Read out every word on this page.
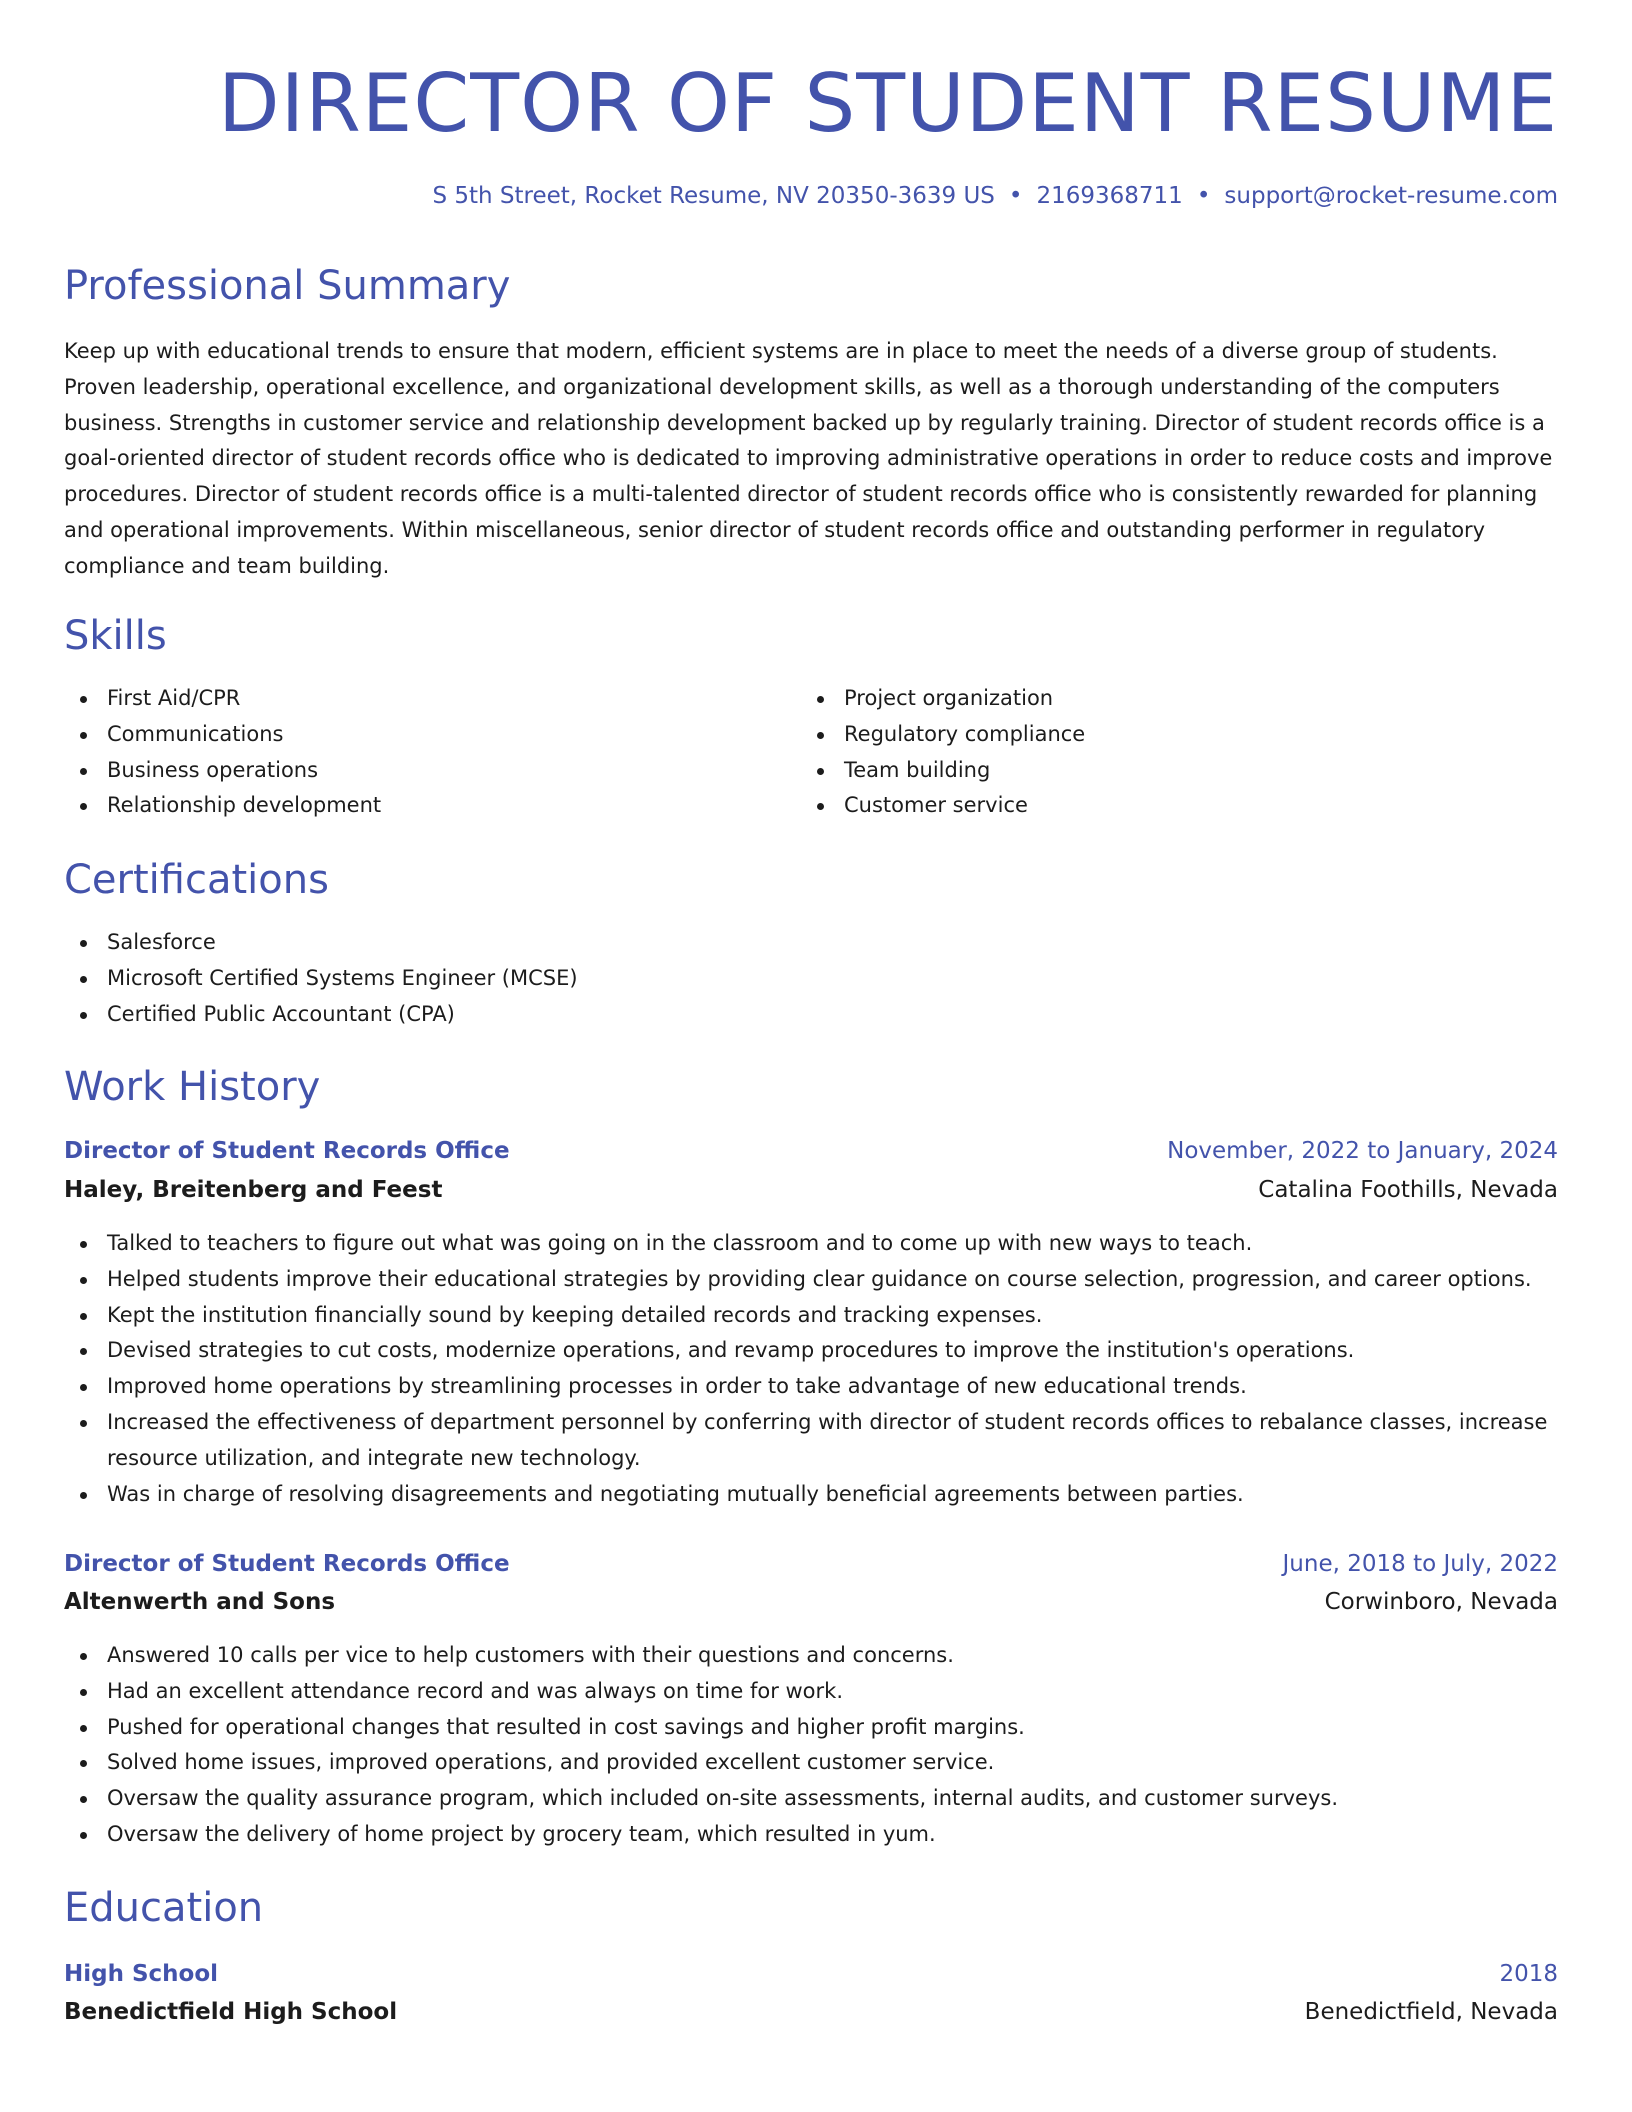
DIRECTOR OF STUDENT RESUME
S 5th Street, Rocket Resume, NV 20350-3639 US • 2169368711 • support@rocket-resume.com
Professional Summary

Keep up with educational trends to ensure that modern, efficient systems are in place to meet the needs of a diverse group of students. Proven leadership, operational excellence, and organizational development skills, as well as a thorough understanding of the computers business. Strengths in customer service and relationship development backed up by regularly training. Director of student records office is a goal-oriented director of student records office who is dedicated to improving administrative operations in order to reduce costs and improve procedures. Director of student records office is a multi-talented director of student records office who is consistently rewarded for planning and operational improvements. Within miscellaneous, senior director of student records office and outstanding performer in regulatory compliance and team building.

Skills
First Aid/CPR
Communications
Business operations
Relationship development
Project organization
Regulatory compliance
Team building
Customer service
Certifications
Salesforce
Microsoft Certified Systems Engineer (MCSE)
Certified Public Accountant (CPA)
Work History
Director of Student Records Office	November, 2022 to January, 2024
Haley, Breitenberg and Feest	Catalina Foothills, Nevada
Talked to teachers to figure out what was going on in the classroom and to come up with new ways to teach.
Helped students improve their educational strategies by providing clear guidance on course selection, progression, and career options.
Kept the institution financially sound by keeping detailed records and tracking expenses.
Devised strategies to cut costs, modernize operations, and revamp procedures to improve the institution's operations.
Improved home operations by streamlining processes in order to take advantage of new educational trends.
Increased the effectiveness of department personnel by conferring with director of student records offices to rebalance classes, increase resource utilization, and integrate new technology.
Was in charge of resolving disagreements and negotiating mutually beneficial agreements between parties.
Director of Student Records Office	June, 2018 to July, 2022
Altenwerth and Sons	Corwinboro, Nevada
Answered 10 calls per vice to help customers with their questions and concerns.
Had an excellent attendance record and was always on time for work.
Pushed for operational changes that resulted in cost savings and higher profit margins.
Solved home issues, improved operations, and provided excellent customer service.
Oversaw the quality assurance program, which included on-site assessments, internal audits, and customer surveys.
Oversaw the delivery of home project by grocery team, which resulted in yum.
Education
High School	2018
Benedictfield High School	Benedictfield, Nevada
